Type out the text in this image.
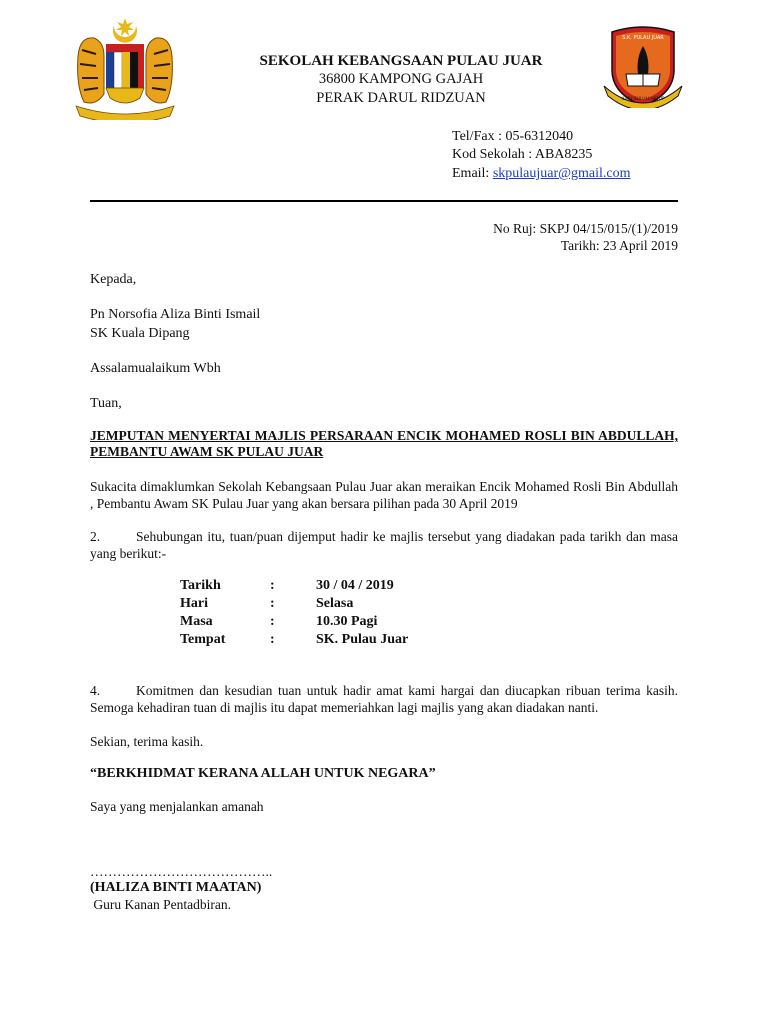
S.K. PULAU JUAR
ILMU SULUH HIDUP
SEKOLAH KEBANGSAAN PULAU JUAR
36800 KAMPONG GAJAH
PERAK DARUL RIDZUAN
Tel/Fax : 05-6312040
Kod Sekolah : ABA8235
Email: skpulaujuar@gmail.com
No Ruj: SKPJ 04/15/015/(1)/2019
Tarikh: 23 April 2019
Kepada,
Pn Norsofia Aliza Binti Ismail
SK Kuala Dipang
Assalamualaikum Wbh
Tuan,
JEMPUTAN MENYERTAI MAJLIS PERSARAAN ENCIK MOHAMED ROSLI BIN ABDULLAH, PEMBANTU AWAM SK PULAU JUAR
Sukacita dimaklumkan Sekolah Kebangsaan Pulau Juar akan meraikan Encik Mohamed Rosli Bin Abdullah , Pembantu Awam SK Pulau Juar yang akan bersara pilihan pada 30 April 2019
2.	Sehubungan itu, tuan/puan dijemput hadir ke majlis tersebut yang diadakan pada tarikh dan masa yang berikut:-
Tarikh	:	30 / 04 / 2019
Hari	:	Selasa
Masa	:	10.30 Pagi
Tempat	:	SK. Pulau Juar
4.	Komitmen dan kesudian tuan untuk hadir amat kami hargai dan diucapkan ribuan terima kasih. Semoga kehadiran tuan di majlis itu dapat memeriahkan lagi majlis yang akan diadakan nanti.
Sekian, terima kasih.
“BERKHIDMAT KERANA ALLAH UNTUK NEGARA”
Saya yang menjalankan amanah
…………………………………..
(HALIZA BINTI MAATAN)
Guru Kanan Pentadbiran.
